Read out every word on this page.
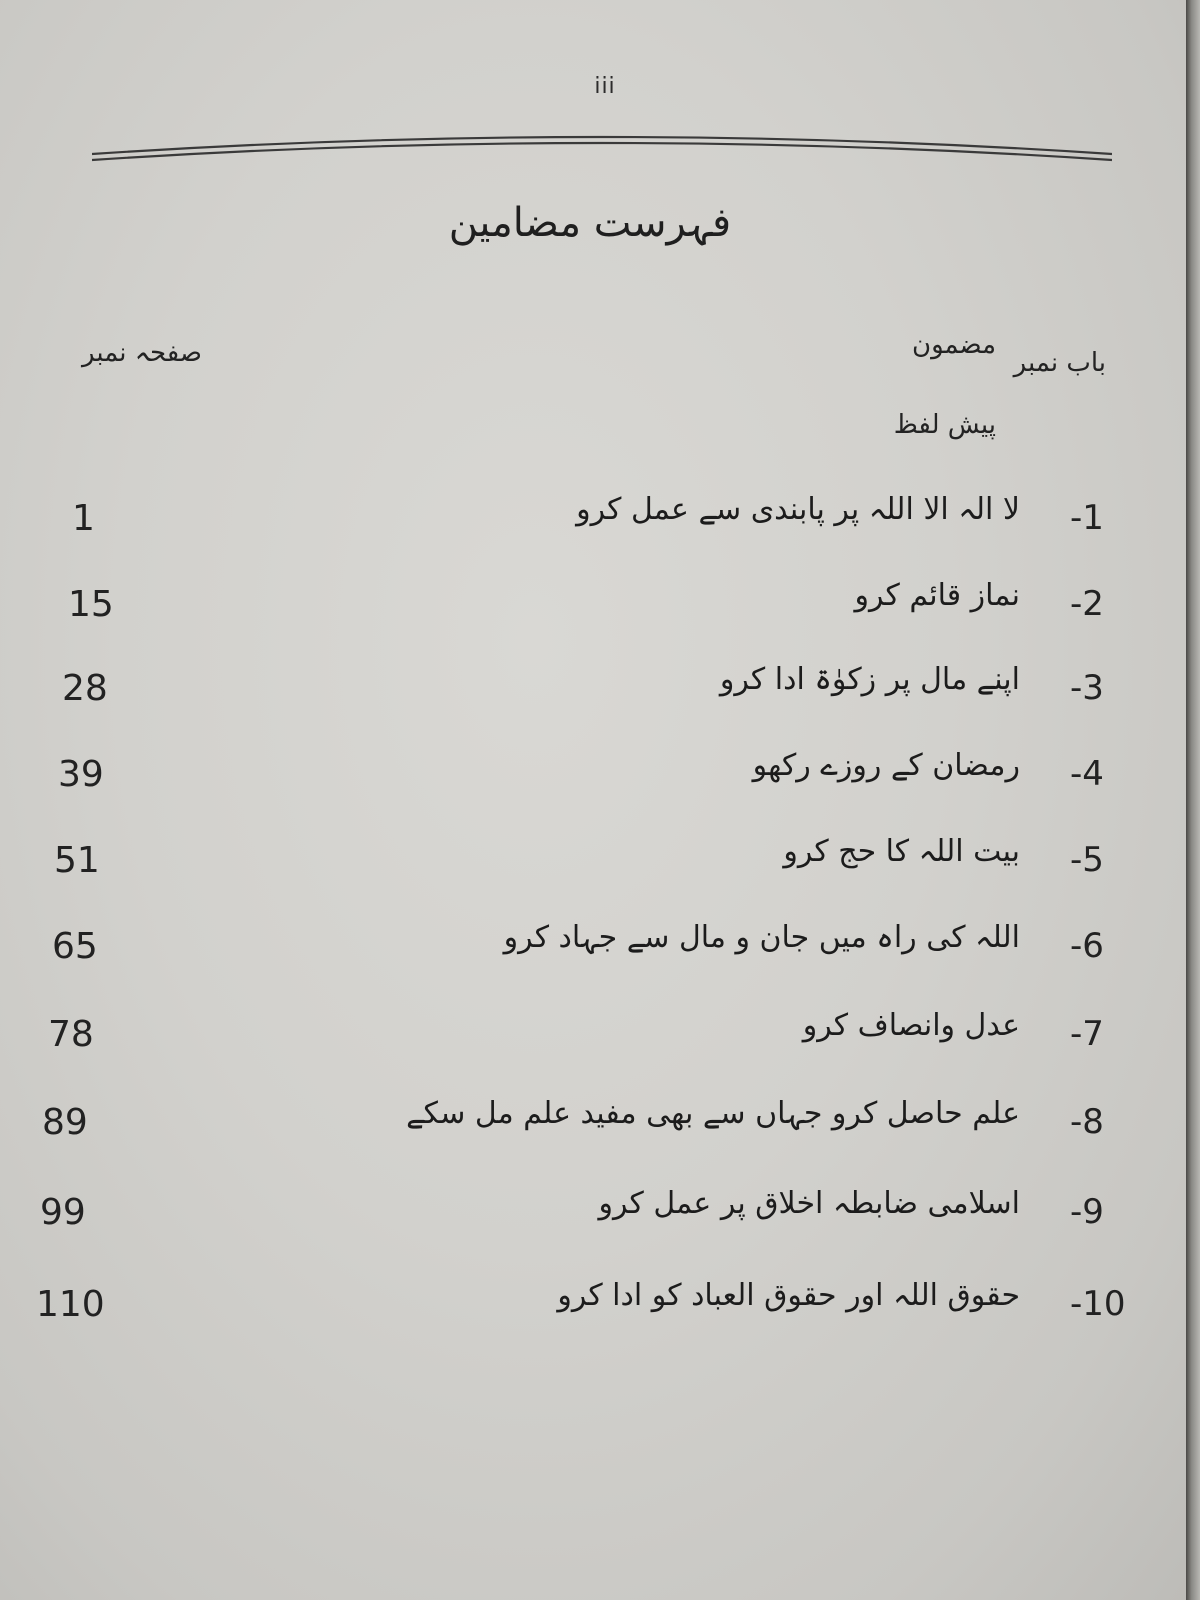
iii
فہرست مضامین
باب نمبر
مضمون
صفحہ نمبر
پیش لفظ
-1
لا الہ الا اللہ پر پابندی سے عمل کرو
1
-2
نماز قائم کرو
15
-3
اپنے مال پر زکوٰۃ ادا کرو
28
-4
رمضان کے روزے رکھو
39
-5
بیت اللہ کا حج کرو
51
-6
اللہ کی راہ میں جان و مال سے جہاد کرو
65
-7
عدل وانصاف کرو
78
-8
علم حاصل کرو جہاں سے بھی مفید علم مل سکے
89
-9
اسلامی ضابطہ اخلاق پر عمل کرو
99
-10
حقوق اللہ اور حقوق العباد کو ادا کرو
110
